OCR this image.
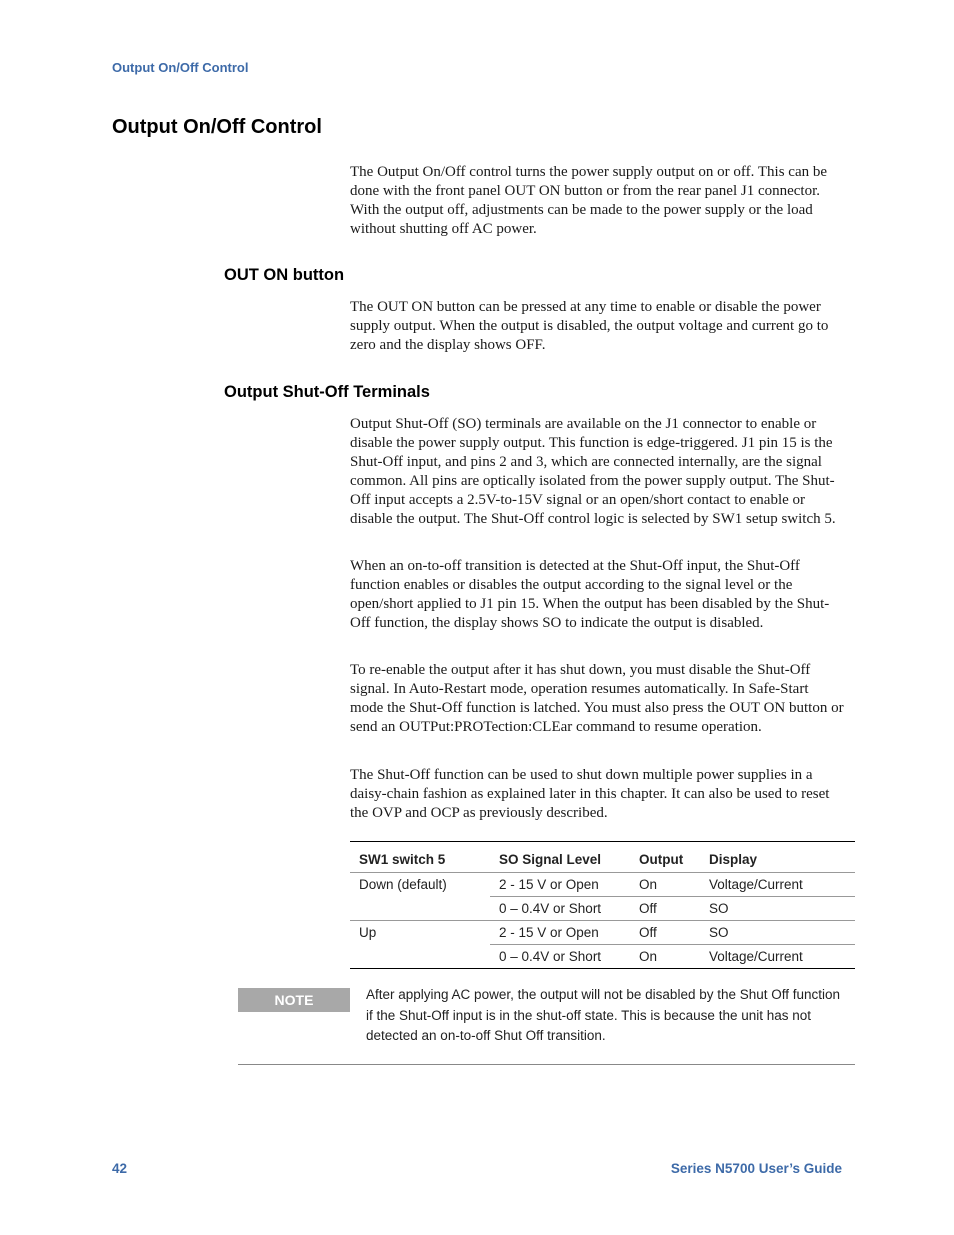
Output On/Off Control
Output On/Off Control

The Output On/Off control turns the power supply output on or off. This can be done with the front panel OUT ON button or from the rear panel J1 connector. With the output off, adjustments can be made to the power supply or the load without shutting off AC power.

OUT ON button

The OUT ON button can be pressed at any time to enable or disable the power supply output. When the output is disabled, the output voltage and current go to zero and the display shows OFF.

Output Shut-Off Terminals

Output Shut-Off (SO) terminals are available on the J1 connector to enable or disable the power supply output. This function is edge-triggered. J1 pin 15 is the Shut-Off input, and pins 2 and 3, which are connected internally, are the signal common. All pins are optically isolated from the power supply output. The Shut-Off input accepts a 2.5V-to-15V signal or an open/short contact to enable or disable the output. The Shut-Off control logic is selected by SW1 setup switch 5.

When an on-to-off transition is detected at the Shut-Off input, the Shut-Off function enables or disables the output according to the signal level or the open/short applied to J1 pin 15. When the output has been disabled by the Shut-Off function, the display shows SO to indicate the output is disabled.

To re-enable the output after it has shut down, you must disable the Shut-Off signal. In Auto-Restart mode, operation resumes automatically. In Safe-Start mode the Shut-Off function is latched. You must also press the OUT ON button or send an OUTPut:PROTection:CLEar command to resume operation.

The Shut-Off function can be used to shut down multiple power supplies in a daisy-chain fashion as explained later in this chapter. It can also be used to reset the OVP and OCP as previously described.

SW1 switch 5	SO Signal Level	Output	Display
Down (default)	2 - 15 V or Open	On	Voltage/Current
	0 – 0.4V or Short	Off	SO
Up	2 - 15 V or Open	Off	SO
	0 – 0.4V or Short	On	Voltage/Current
NOTE	After applying AC power, the output will not be disabled by the Shut Off function if the Shut-Off input is in the shut-off state. This is because the unit has not detected an on-to-off Shut Off transition.

42	Series N5700 User’s Guide
